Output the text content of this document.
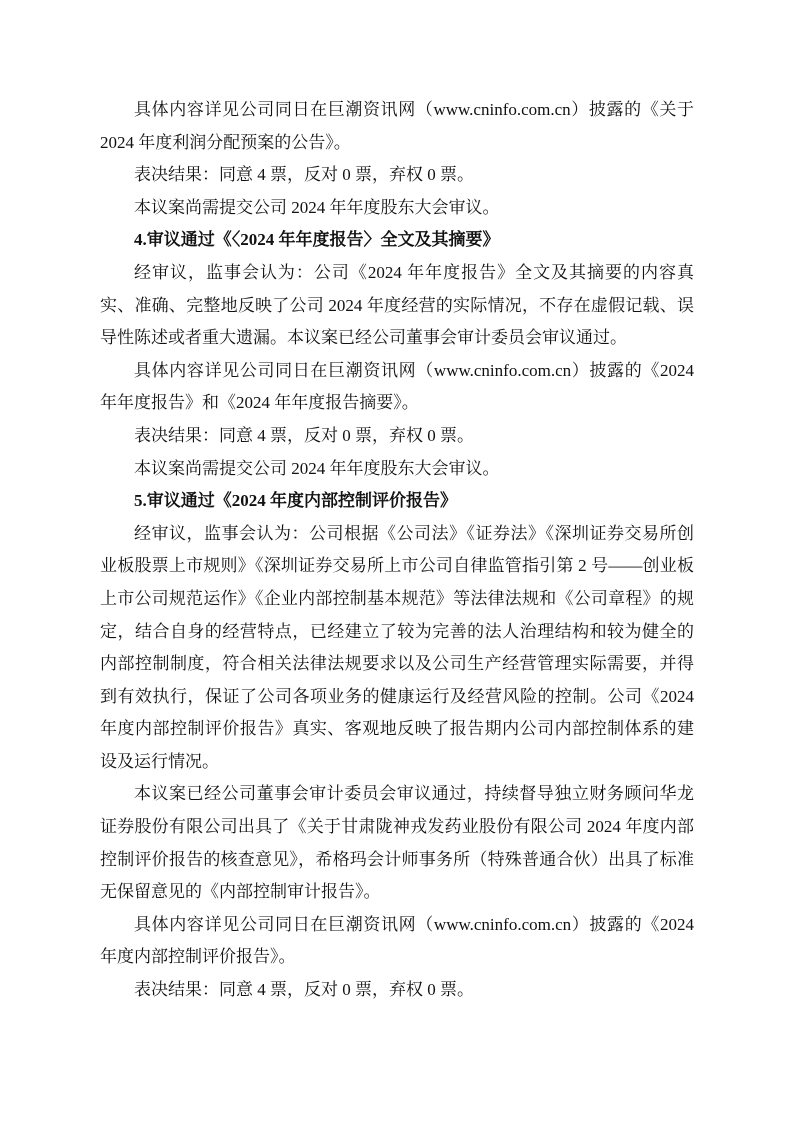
具体内容详见公司同日在巨潮资讯网（www.cninfo.com.cn）披露的《关于 2024 年度利润分配预案的公告》。

表决结果：同意 4 票，反对 0 票，弃权 0 票。

本议案尚需提交公司 2024 年年度股东大会审议。

4.审议通过《〈2024 年年度报告〉全文及其摘要》

经审议，监事会认为：公司《2024 年年度报告》全文及其摘要的内容真实、准确、完整地反映了公司 2024 年度经营的实际情况，不存在虚假记载、误导性陈述或者重大遗漏。本议案已经公司董事会审计委员会审议通过。

具体内容详见公司同日在巨潮资讯网（www.cninfo.com.cn）披露的《2024 年年度报告》和《2024 年年度报告摘要》。

表决结果：同意 4 票，反对 0 票，弃权 0 票。

本议案尚需提交公司 2024 年年度股东大会审议。

5.审议通过《2024 年度内部控制评价报告》

经审议，监事会认为：公司根据《公司法》《证券法》《深圳证券交易所创业板股票上市规则》《深圳证券交易所上市公司自律监管指引第 2 号——创业板上市公司规范运作》《企业内部控制基本规范》等法律法规和《公司章程》的规定，结合自身的经营特点，已经建立了较为完善的法人治理结构和较为健全的内部控制制度，符合相关法律法规要求以及公司生产经营管理实际需要，并得到有效执行，保证了公司各项业务的健康运行及经营风险的控制。公司《2024 年度内部控制评价报告》真实、客观地反映了报告期内公司内部控制体系的建设及运行情况。

本议案已经公司董事会审计委员会审议通过，持续督导独立财务顾问华龙证券股份有限公司出具了《关于甘肃陇神戎发药业股份有限公司 2024 年度内部控制评价报告的核查意见》，希格玛会计师事务所（特殊普通合伙）出具了标准无保留意见的《内部控制审计报告》。

具体内容详见公司同日在巨潮资讯网（www.cninfo.com.cn）披露的《2024 年度内部控制评价报告》。

表决结果：同意 4 票，反对 0 票，弃权 0 票。
